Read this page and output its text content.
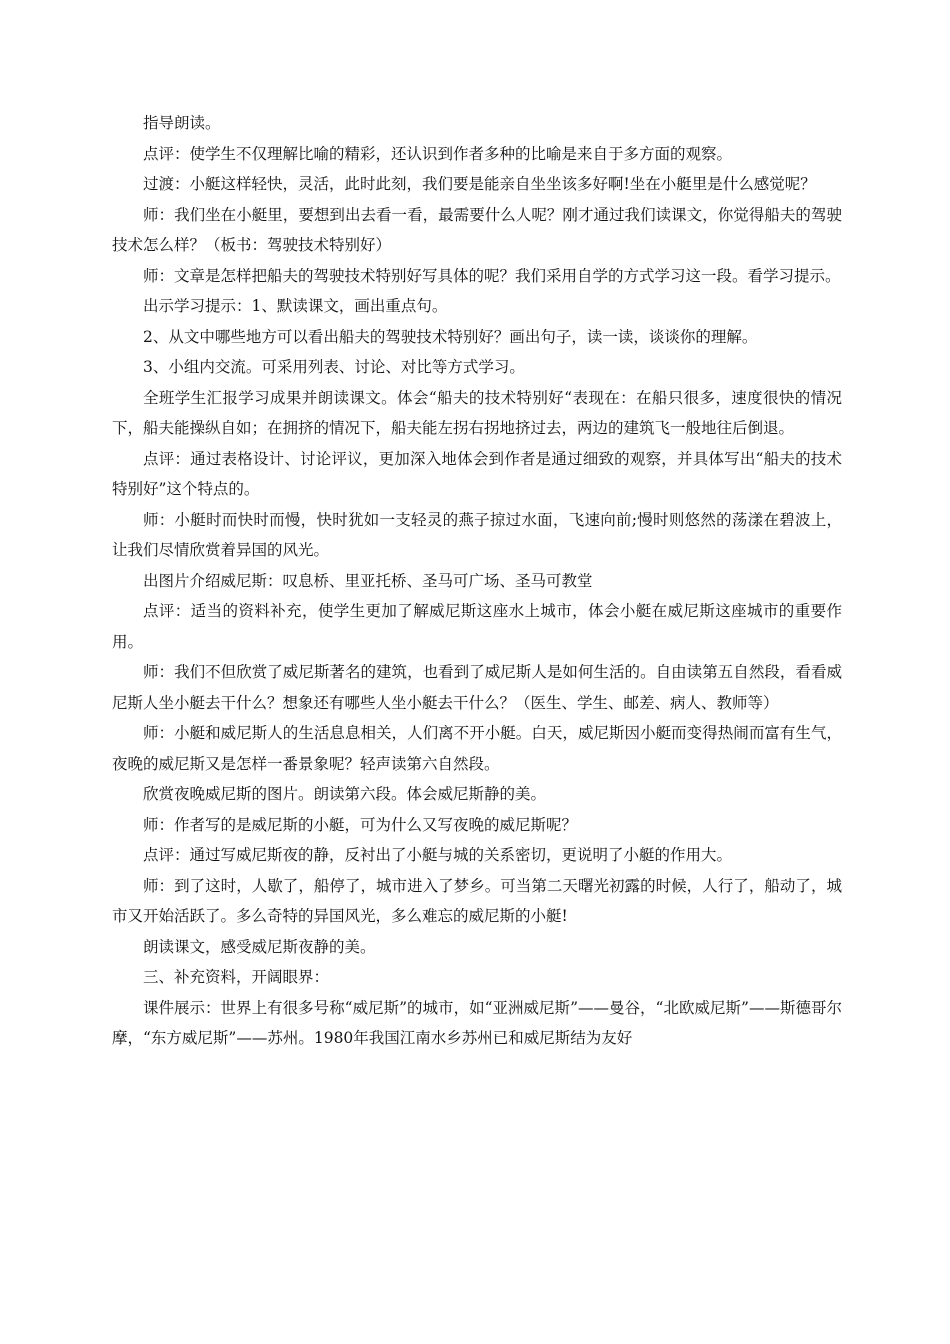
指导朗读。

点评：使学生不仅理解比喻的精彩，还认识到作者多种的比喻是来自于多方面的观察。

过渡：小艇这样轻快，灵活，此时此刻，我们要是能亲自坐坐该多好啊!坐在小艇里是什么感觉呢？

师：我们坐在小艇里，要想到出去看一看，最需要什么人呢？刚才通过我们读课文，你觉得船夫的驾驶技术怎么样？（板书：驾驶技术特别好）

师：文章是怎样把船夫的驾驶技术特别好写具体的呢？我们采用自学的方式学习这一段。看学习提示。

出示学习提示：1、默读课文，画出重点句。

2、从文中哪些地方可以看出船夫的驾驶技术特别好？画出句子，读一读，谈谈你的理解。

3、小组内交流。可采用列表、讨论、对比等方式学习。

全班学生汇报学习成果并朗读课文。体会“船夫的技术特别好“表现在：在船只很多，速度很快的情况下，船夫能操纵自如；在拥挤的情况下，船夫能左拐右拐地挤过去，两边的建筑飞一般地往后倒退。

点评：通过表格设计、讨论评议，更加深入地体会到作者是通过细致的观察，并具体写出“船夫的技术特别好”这个特点的。

师：小艇时而快时而慢，快时犹如一支轻灵的燕子掠过水面，飞速向前;慢时则悠然的荡漾在碧波上，让我们尽情欣赏着异国的风光。

出图片介绍威尼斯：叹息桥、里亚托桥、圣马可广场、圣马可教堂

点评：适当的资料补充，使学生更加了解威尼斯这座水上城市，体会小艇在威尼斯这座城市的重要作用。

师：我们不但欣赏了威尼斯著名的建筑，也看到了威尼斯人是如何生活的。自由读第五自然段，看看威尼斯人坐小艇去干什么？想象还有哪些人坐小艇去干什么？（医生、学生、邮差、病人、教师等）

师：小艇和威尼斯人的生活息息相关，人们离不开小艇。白天，威尼斯因小艇而变得热闹而富有生气，夜晚的威尼斯又是怎样一番景象呢？轻声读第六自然段。

欣赏夜晚威尼斯的图片。朗读第六段。体会威尼斯静的美。

师：作者写的是威尼斯的小艇，可为什么又写夜晚的威尼斯呢？

点评：通过写威尼斯夜的静，反衬出了小艇与城的关系密切，更说明了小艇的作用大。

师：到了这时，人歇了，船停了，城市进入了梦乡。可当第二天曙光初露的时候，人行了，船动了，城市又开始活跃了。多么奇特的异国风光，多么难忘的威尼斯的小艇!

朗读课文，感受威尼斯夜静的美。

三、补充资料，开阔眼界：

课件展示：世界上有很多号称“威尼斯”的城市，如“亚洲威尼斯”——曼谷，“北欧威尼斯”——斯德哥尔摩，“东方威尼斯”——苏州。1980年我国江南水乡苏州已和威尼斯结为友好
